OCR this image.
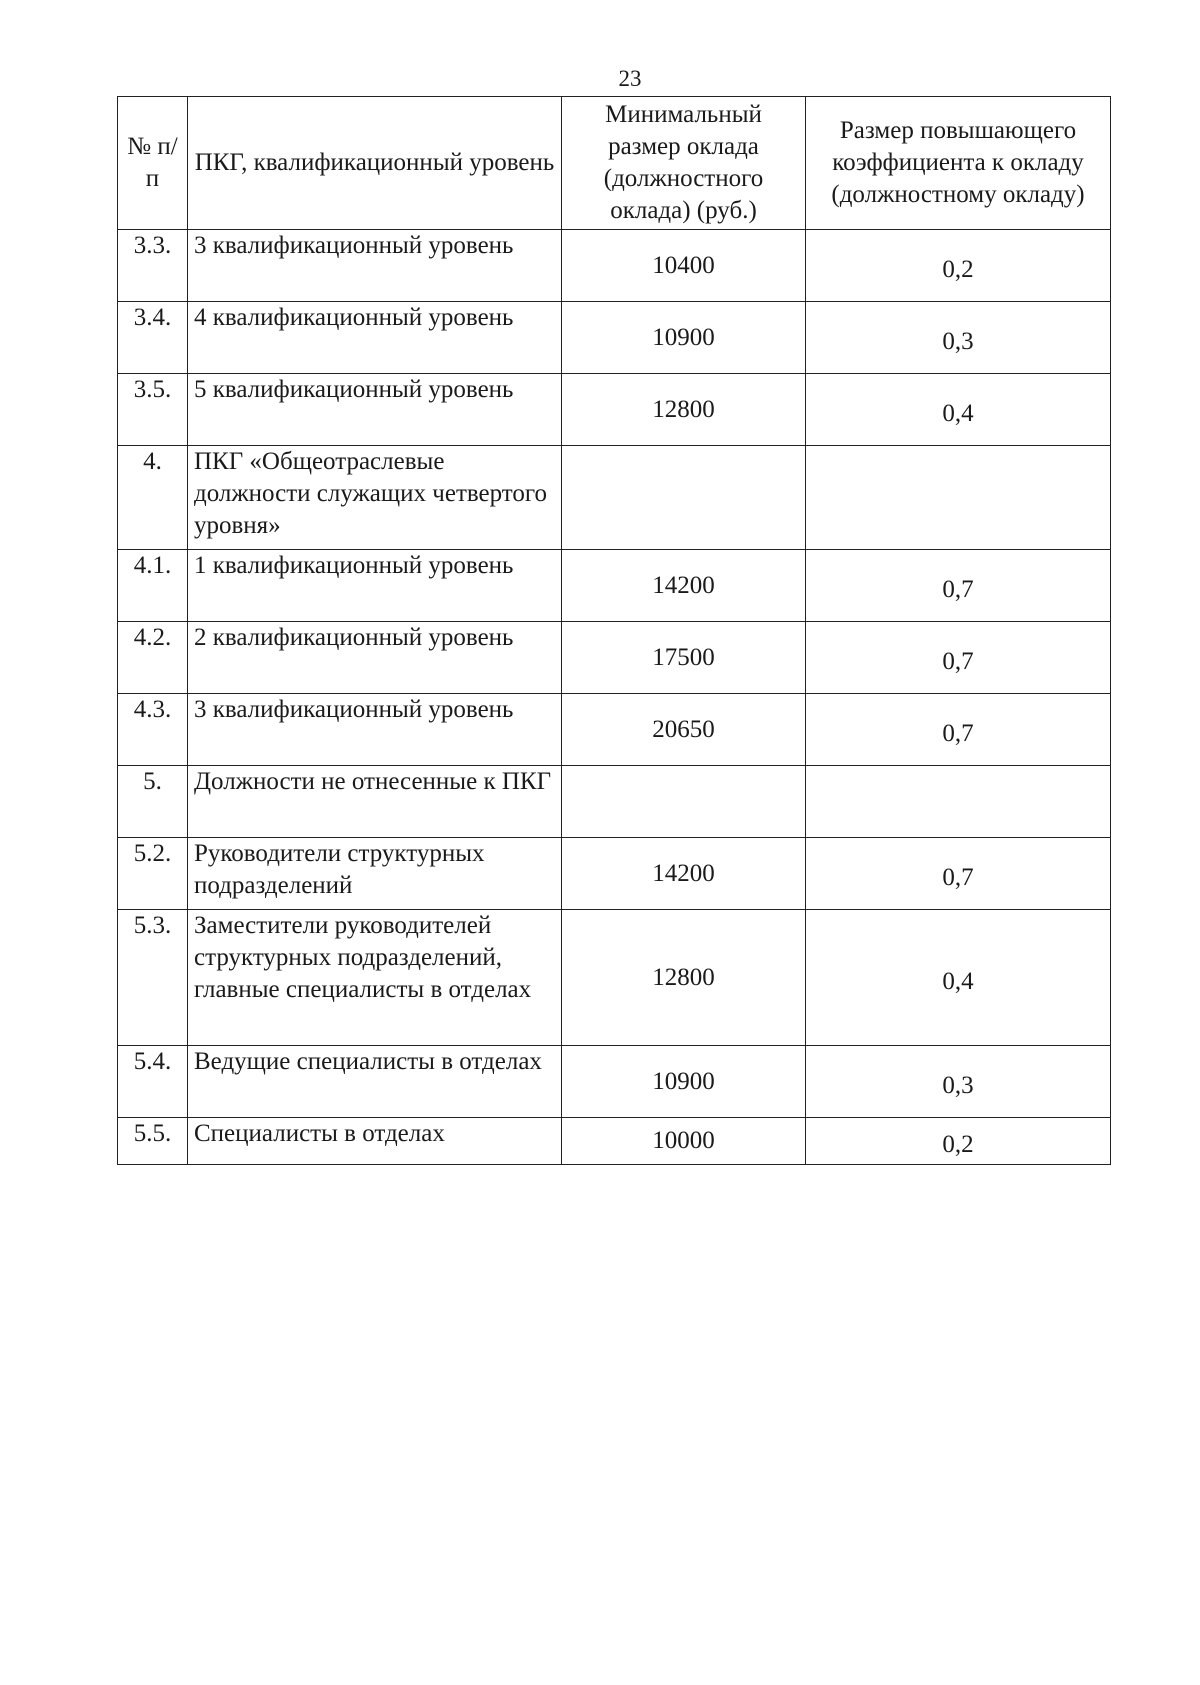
23
№ п/п	ПКГ, квалификационный уровень	Минимальный размер оклада (должностного оклада) (руб.)	Размер повышающего коэффициента к окладу (должностному окладу)
3.3.	3 квалификационный уровень	10400	0,2
3.4.	4 квалификационный уровень	10900	0,3
3.5.	5 квалификационный уровень	12800	0,4
4.	ПКГ «Общеотраслевые должности служащих четвертого уровня»		
4.1.	1 квалификационный уровень	14200	0,7
4.2.	2 квалификационный уровень	17500	0,7
4.3.	3 квалификационный уровень	20650	0,7
5.	Должности не отнесенные к ПКГ		
5.2.	Руководители структурных подразделений	14200	0,7
5.3.	Заместители руководителей структурных подразделений, главные специалисты в отделах	12800	0,4
5.4.	Ведущие специалисты в отделах	10900	0,3
5.5.	Специалисты в отделах	10000	0,2
